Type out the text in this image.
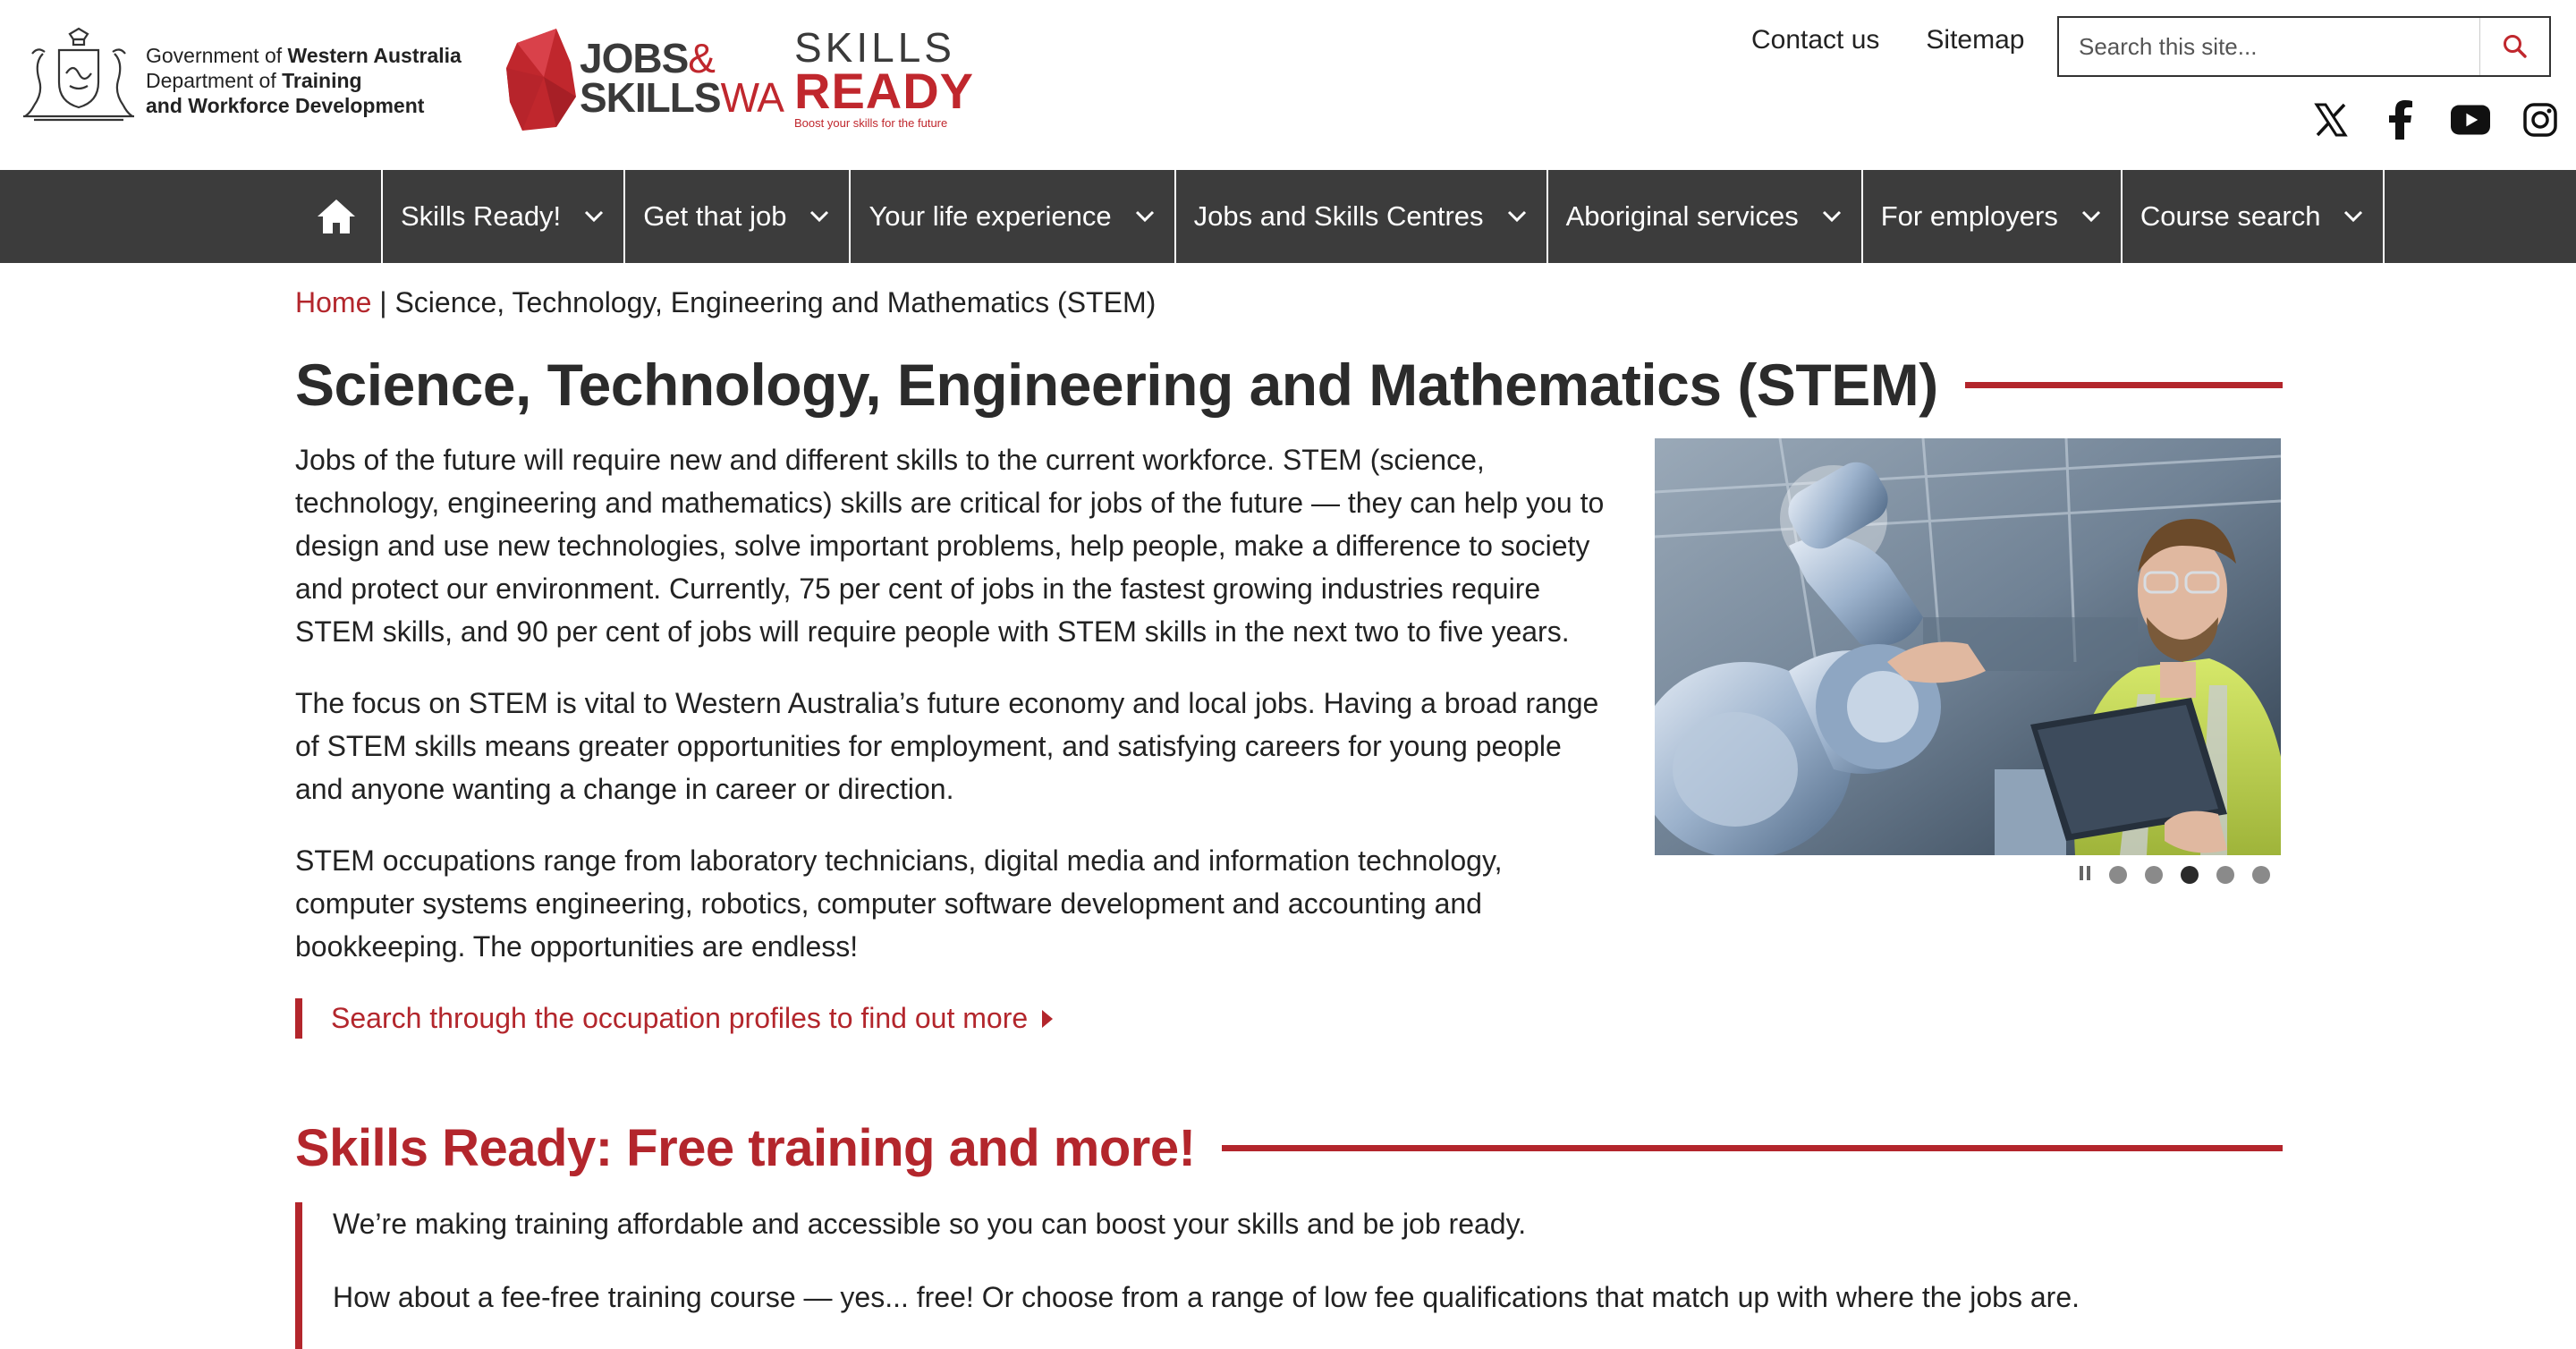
Government of Western Australia
Department of Training
and Workforce Development
JOBS&
SKILLSWA
SKILLS
READY
Boost your skills for the future
Contact us Sitemap
Search this site...
Skills Ready!	Get that job	Your life experience	Jobs and Skills Centres	Aboriginal services	For employers	Course search
Home | Science, Technology, Engineering and Mathematics (STEM)
Science, Technology, Engineering and Mathematics (STEM)

Jobs of the future will require new and different skills to the current workforce. STEM (science, technology, engineering and mathematics) skills are critical for jobs of the future — they can help you to design and use new technologies, solve important problems, help people, make a difference to society and protect our environment. Currently, 75 per cent of jobs in the fastest growing industries require STEM skills, and 90 per cent of jobs will require people with STEM skills in the next two to five years.

The focus on STEM is vital to Western Australia’s future economy and local jobs. Having a broad range of STEM skills means greater opportunities for employment, and satisfying careers for young people and anyone wanting a change in career or direction.

STEM occupations range from laboratory technicians, digital media and information technology, computer systems engineering, robotics, computer software development and accounting and bookkeeping. The opportunities are endless!

Search through the occupation profiles to find out more
Skills Ready: Free training and more!

We’re making training affordable and accessible so you can boost your skills and be job ready.

How about a fee-free training course — yes... free! Or choose from a range of low fee qualifications that match up with where the jobs are.
